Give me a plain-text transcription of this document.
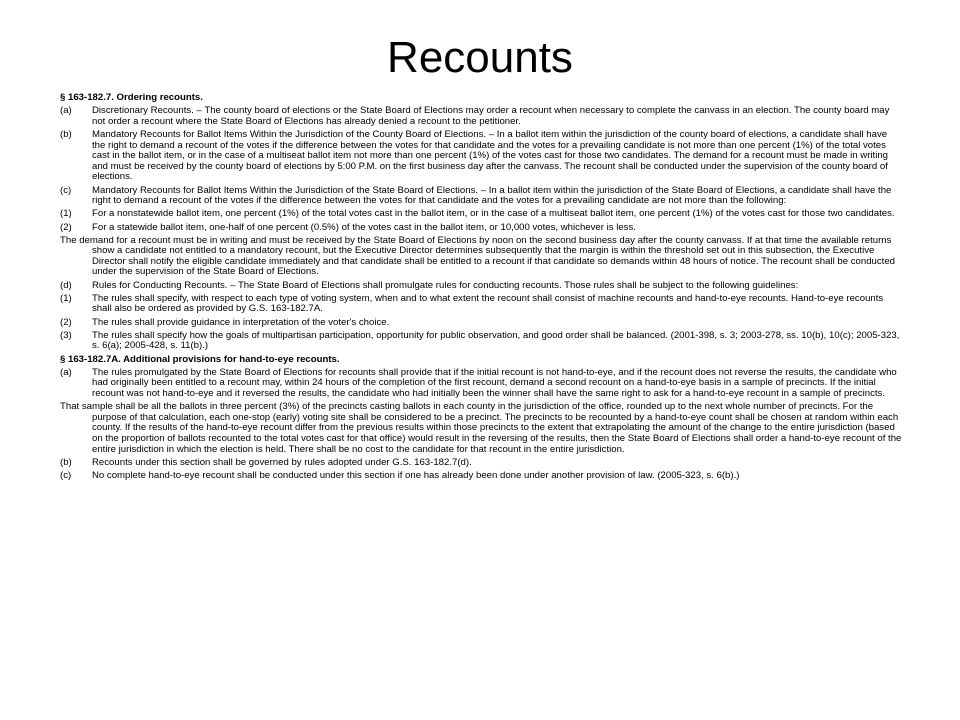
Recounts
§ 163-182.7. Ordering recounts.
(a) Discretionary Recounts. – The county board of elections or the State Board of Elections may order a recount when necessary to complete the canvass in an election. The county board may not order a recount where the State Board of Elections has already denied a recount to the petitioner.
(b) Mandatory Recounts for Ballot Items Within the Jurisdiction of the County Board of Elections. – In a ballot item within the jurisdiction of the county board of elections, a candidate shall have the right to demand a recount of the votes if the difference between the votes for that candidate and the votes for a prevailing candidate is not more than one percent (1%) of the total votes cast in the ballot item, or in the case of a multiseat ballot item not more than one percent (1%) of the votes cast for those two candidates. The demand for a recount must be made in writing and must be received by the county board of elections by 5:00 P.M. on the first business day after the canvass. The recount shall be conducted under the supervision of the county board of elections.
(c) Mandatory Recounts for Ballot Items Within the Jurisdiction of the State Board of Elections. – In a ballot item within the jurisdiction of the State Board of Elections, a candidate shall have the right to demand a recount of the votes if the difference between the votes for that candidate and the votes for a prevailing candidate are not more than the following:
(1) For a nonstatewide ballot item, one percent (1%) of the total votes cast in the ballot item, or in the case of a multiseat ballot item, one percent (1%) of the votes cast for those two candidates.
(2) For a statewide ballot item, one-half of one percent (0.5%) of the votes cast in the ballot item, or 10,000 votes, whichever is less.
The demand for a recount must be in writing and must be received by the State Board of Elections by noon on the second business day after the county canvass. If at that time the available returns show a candidate not entitled to a mandatory recount, but the Executive Director determines subsequently that the margin is within the threshold set out in this subsection, the Executive Director shall notify the eligible candidate immediately and that candidate shall be entitled to a recount if that candidate so demands within 48 hours of notice. The recount shall be conducted under the supervision of the State Board of Elections.
(d) Rules for Conducting Recounts. – The State Board of Elections shall promulgate rules for conducting recounts. Those rules shall be subject to the following guidelines:
(1) The rules shall specify, with respect to each type of voting system, when and to what extent the recount shall consist of machine recounts and hand-to-eye recounts. Hand-to-eye recounts shall also be ordered as provided by G.S. 163-182.7A.
(2) The rules shall provide guidance in interpretation of the voter's choice.
(3) The rules shall specify how the goals of multipartisan participation, opportunity for public observation, and good order shall be balanced. (2001-398, s. 3; 2003-278, ss. 10(b), 10(c); 2005-323, s. 6(a); 2005-428, s. 11(b).)
§ 163-182.7A. Additional provisions for hand-to-eye recounts.
(a) The rules promulgated by the State Board of Elections for recounts shall provide that if the initial recount is not hand-to-eye, and if the recount does not reverse the results, the candidate who had originally been entitled to a recount may, within 24 hours of the completion of the first recount, demand a second recount on a hand-to-eye basis in a sample of precincts. If the initial recount was not hand-to-eye and it reversed the results, the candidate who had initially been the winner shall have the same right to ask for a hand-to-eye recount in a sample of precincts.
That sample shall be all the ballots in three percent (3%) of the precincts casting ballots in each county in the jurisdiction of the office, rounded up to the next whole number of precincts. For the purpose of that calculation, each one-stop (early) voting site shall be considered to be a precinct. The precincts to be recounted by a hand-to-eye count shall be chosen at random within each county. If the results of the hand-to-eye recount differ from the previous results within those precincts to the extent that extrapolating the amount of the change to the entire jurisdiction (based on the proportion of ballots recounted to the total votes cast for that office) would result in the reversing of the results, then the State Board of Elections shall order a hand-to-eye recount of the entire jurisdiction in which the election is held. There shall be no cost to the candidate for that recount in the entire jurisdiction.
(b) Recounts under this section shall be governed by rules adopted under G.S. 163-182.7(d).
(c) No complete hand-to-eye recount shall be conducted under this section if one has already been done under another provision of law. (2005-323, s. 6(b).)
